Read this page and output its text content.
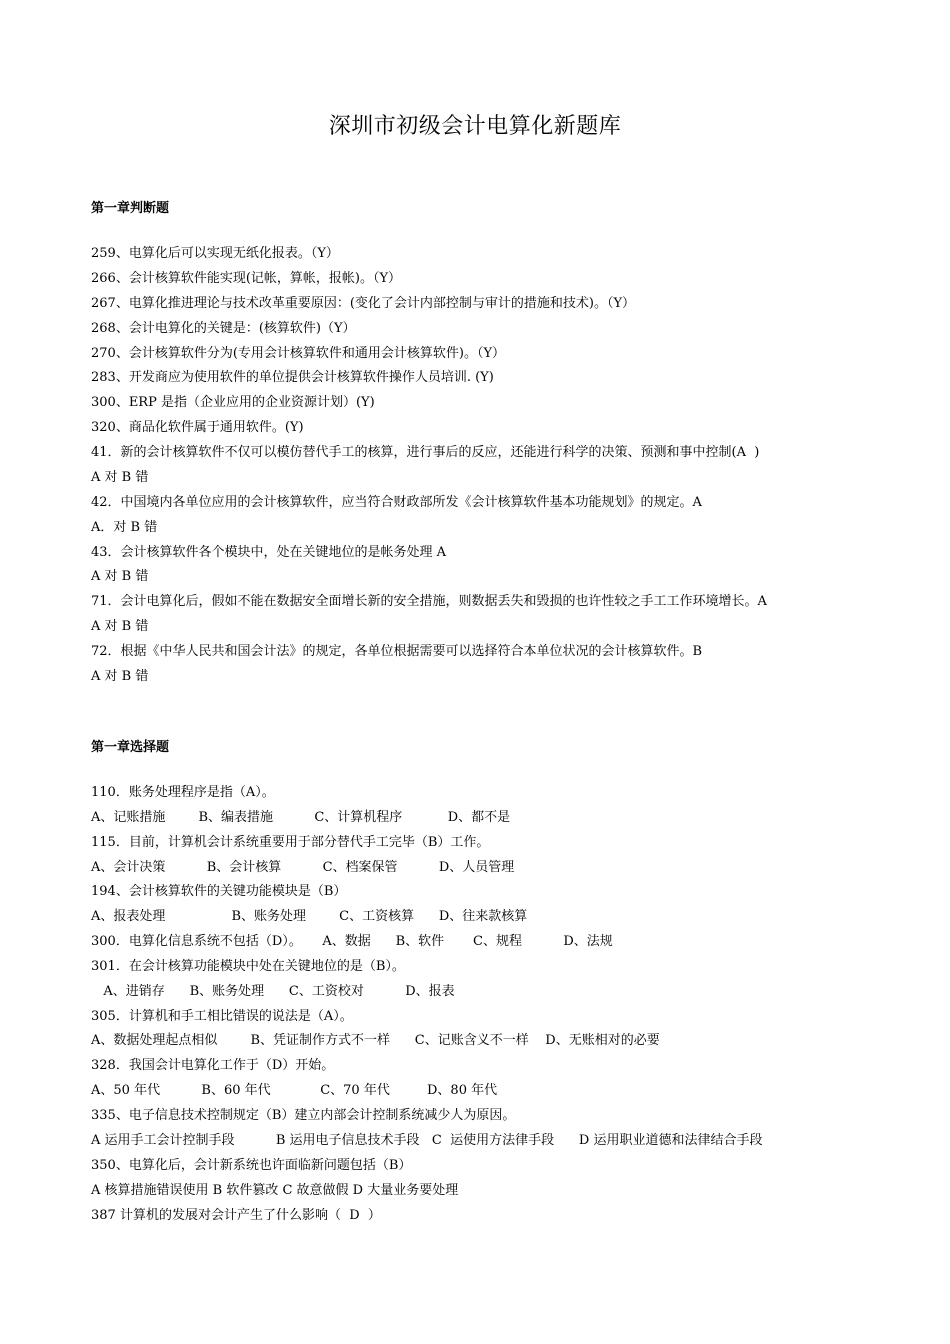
深圳市初级会计电算化新题库
第一章判断题
259、电算化后可以实现无纸化报表。（Y）
266、会计核算软件能实现(记帐，算帐，报帐)。（Y）
267、电算化推进理论与技术改革重要原因：(变化了会计内部控制与审计的措施和技术)。（Y）
268、会计电算化的关键是：(核算软件)（Y）
270、会计核算软件分为(专用会计核算软件和通用会计核算软件)。（Y）
283、开发商应为使用软件的单位提供会计核算软件操作人员培训. (Y)
300、ERP 是指（企业应用的企业资源计划）(Y)
320、商品化软件属于通用软件。(Y)
41．新的会计核算软件不仅可以模仿替代手工的核算，进行事后的反应，还能进行科学的决策、预测和事中控制(A  )
A 对 B 错
42．中国境内各单位应用的会计核算软件，应当符合财政部所发《会计核算软件基本功能规划》的规定。A
A．对 B 错
43．会计核算软件各个模块中，处在关键地位的是帐务处理 A
A 对 B 错
71．会计电算化后，假如不能在数据安全面增长新的安全措施，则数据丢失和毁损的也许性较之手工工作环境增长。A
A 对 B 错
72．根据《中华人民共和国会计法》的规定，各单位根据需要可以选择符合本单位状况的会计核算软件。B
A 对 B 错
第一章选择题
110．账务处理程序是指（A）。
A、记账措施        B、编表措施          C、计算机程序           D、都不是
115．目前，计算机会计系统重要用于部分替代手工完毕（B）工作。
A、会计决策          B、会计核算          C、档案保管          D、人员管理
194、会计核算软件的关键功能模块是（B）
A、报表处理                B、账务处理        C、工资核算      D、往来款核算
300．电算化信息系统不包括（D）。     A、数据      B、软件       C、规程          D、法规
301．在会计核算功能模块中处在关键地位的是（B）。
A、进销存      B、账务处理      C、工资校对          D、报表
305．计算机和手工相比错误的说法是（A）。
A、数据处理起点相似        B、凭证制作方式不一样      C、记账含义不一样    D、无账相对的必要
328．我国会计电算化工作于（D）开始。
A、50 年代          B、60 年代            C、70 年代         D、80 年代
335、电子信息技术控制规定（B）建立内部会计控制系统减少人为原因。
A 运用手工会计控制手段          B 运用电子信息技术手段   C  运使用方法律手段      D 运用职业道德和法律结合手段
350、电算化后，会计新系统也许面临新问题包括（B）
A 核算措施错误使用 B 软件篡改 C 故意做假 D 大量业务要处理
387 计算机的发展对会计产生了什么影响（  D  ）
